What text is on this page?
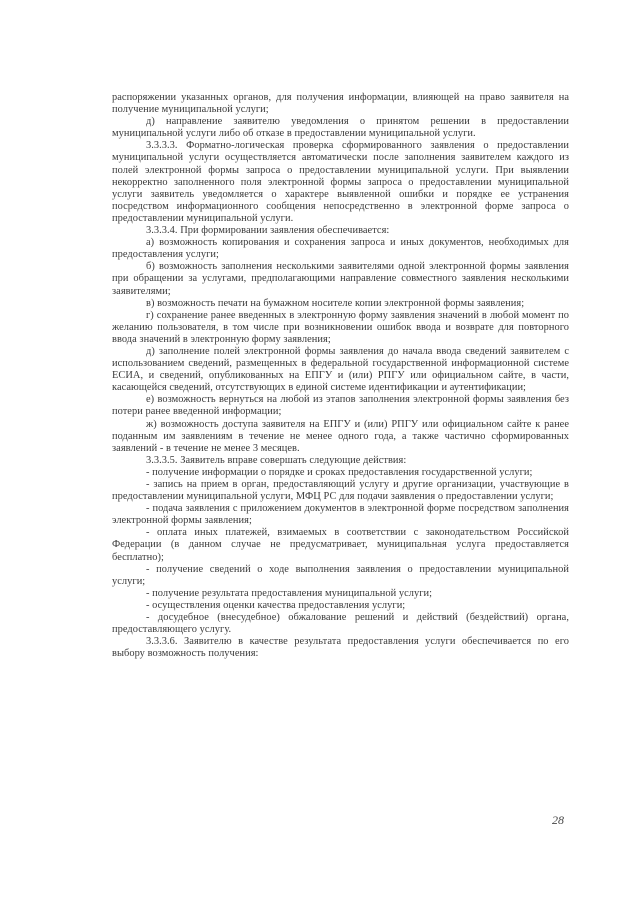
распоряжении указанных органов, для получения информации, влияющей на право заявителя на получение муниципальной услуги;

д) направление заявителю уведомления о принятом решении в предоставлении муниципальной услуги либо об отказе в предоставлении муниципальной услуги.

3.3.3.3. Форматно-логическая проверка сформированного заявления о предоставлении муниципальной услуги осуществляется автоматически после заполнения заявителем каждого из полей электронной формы запроса о предоставлении муниципальной услуги. При выявлении некорректно заполненного поля электронной формы запроса о предоставлении муниципальной услуги заявитель уведомляется о характере выявленной ошибки и порядке ее устранения посредством информационного сообщения непосредственно в электронной форме запроса о предоставлении муниципальной услуги.

3.3.3.4. При формировании заявления обеспечивается:

а) возможность копирования и сохранения запроса и иных документов, необходимых для предоставления услуги;

б) возможность заполнения несколькими заявителями одной электронной формы заявления при обращении за услугами, предполагающими направление совместного заявления несколькими заявителями;

в) возможность печати на бумажном носителе копии электронной формы заявления;

г) сохранение ранее введенных в электронную форму заявления значений в любой момент по желанию пользователя, в том числе при возникновении ошибок ввода и возврате для повторного ввода значений в электронную форму заявления;

д) заполнение полей электронной формы заявления до начала ввода сведений заявителем с использованием сведений, размещенных в федеральной государственной информационной системе ЕСИА, и сведений, опубликованных на ЕПГУ и (или) РПГУ или официальном сайте, в части, касающейся сведений, отсутствующих в единой системе идентификации и аутентификации;

е) возможность вернуться на любой из этапов заполнения электронной формы заявления без потери ранее введенной информации;

ж) возможность доступа заявителя на ЕПГУ и (или) РПГУ или официальном сайте к ранее поданным им заявлениям в течение не менее одного года, а также частично сформированных заявлений - в течение не менее 3 месяцев.

3.3.3.5. Заявитель вправе совершать следующие действия:

- получение информации о порядке и сроках предоставления государственной услуги;

- запись на прием в орган, предоставляющий услугу и другие организации, участвующие в предоставлении муниципальной услуги, МФЦ РС для подачи заявления о предоставлении услуги;

- подача заявления с приложением документов в электронной форме посредством заполнения электронной формы заявления;

- оплата иных платежей, взимаемых в соответствии с законодательством Российской Федерации (в данном случае не предусматривает, муниципальная услуга предоставляется бесплатно);

- получение сведений о ходе выполнения заявления о предоставлении муниципальной услуги;

- получение результата предоставления муниципальной услуги;

- осуществления оценки качества предоставления услуги;

- досудебное (внесудебное) обжалование решений и действий (бездействий) органа, предоставляющего услугу.

3.3.3.6. Заявителю в качестве результата предоставления услуги обеспечивается по его выбору возможность получения:

28
